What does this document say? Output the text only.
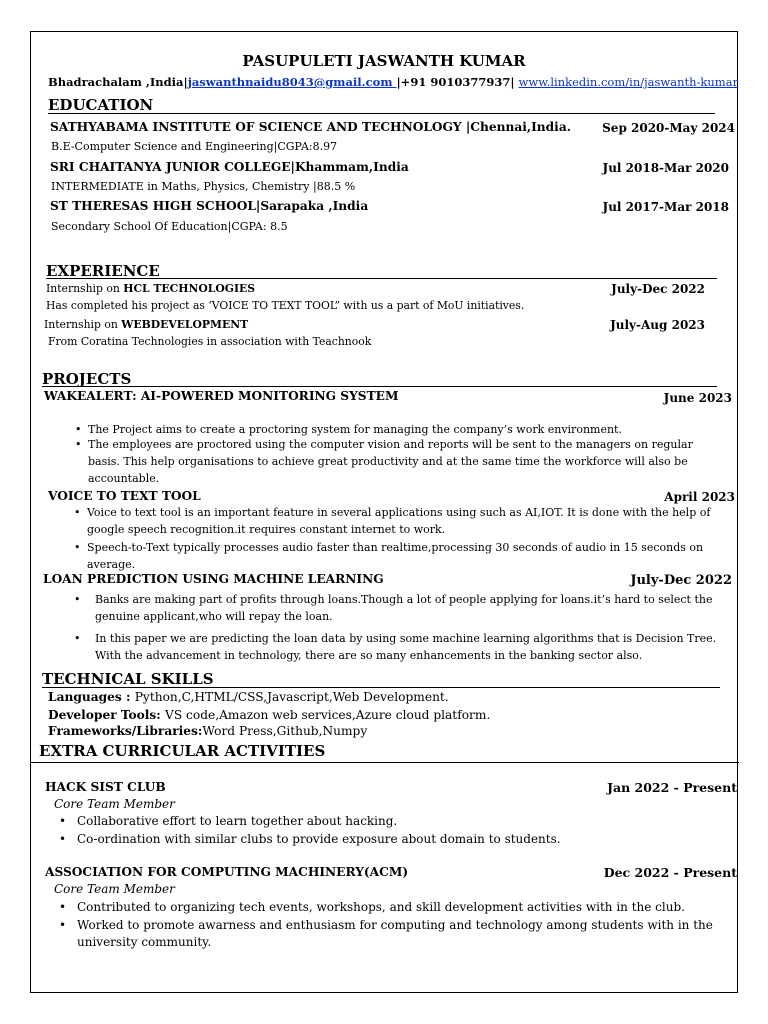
PASUPULETI JASWANTH KUMAR
Bhadrachalam ,India|jaswanthnaidu8043@gmail.com |+91 9010377937| www.linkedin.com/in/jaswanth-kumar
EDUCATION
SATHYABAMA INSTITUTE OF SCIENCE AND TECHNOLOGY |Chennai,India.	Sep 2020-May 2024
B.E-Computer Science and Engineering|CGPA:8.97
SRI CHAITANYA JUNIOR COLLEGE|Khammam,India	Jul 2018-Mar 2020
INTERMEDIATE in Maths, Physics, Chemistry |88.5 %
ST THERESAS HIGH SCHOOL|Sarapaka ,India	Jul 2017-Mar 2018
Secondary School Of Education|CGPA: 8.5
EXPERIENCE
Internship on HCL TECHNOLOGIES	July-Dec 2022
Has completed his project as ‘VOICE TO TEXT TOOL” with us a part of MoU initiatives.
Internship on WEBDEVELOPMENT	July-Aug 2023
From Coratina Technologies in association with Teachnook
PROJECTS
WAKEALERT: AI-POWERED MONITORING SYSTEM	June 2023
• The Project aims to create a proctoring system for managing the company’s work environment.
• The employees are proctored using the computer vision and reports will be sent to the managers on regular basis. This help organisations to achieve great productivity and at the same time the workforce will also be accountable.
VOICE TO TEXT TOOL	April 2023
• Voice to text tool is an important feature in several applications using such as AI,IOT. It is done with the help of google speech recognition.it requires constant internet to work.
• Speech-to-Text typically processes audio faster than realtime,processing 30 seconds of audio in 15 seconds on average.
LOAN PREDICTION USING MACHINE LEARNING	July-Dec 2022
• Banks are making part of profits through loans.Though a lot of people applying for loans.it’s hard to select the genuine applicant,who will repay the loan.
• In this paper we are predicting the loan data by using some machine learning algorithms that is Decision Tree. With the advancement in technology, there are so many enhancements in the banking sector also.
TECHNICAL SKILLS
Languages : Python,C,HTML/CSS,Javascript,Web Development.
Developer Tools: VS code,Amazon web services,Azure cloud platform.
Frameworks/Libraries:Word Press,Github,Numpy
EXTRA CURRICULAR ACTIVITIES
HACK SIST CLUB	Jan 2022 - Present
Core Team Member
• Collaborative effort to learn together about hacking.
• Co-ordination with similar clubs to provide exposure about domain to students.
ASSOCIATION FOR COMPUTING MACHINERY(ACM)	Dec 2022 - Present
Core Team Member
• Contributed to organizing tech events, workshops, and skill development activities with in the club.
• Worked to promote awarness and enthusiasm for computing and technology among students with in the university community.
